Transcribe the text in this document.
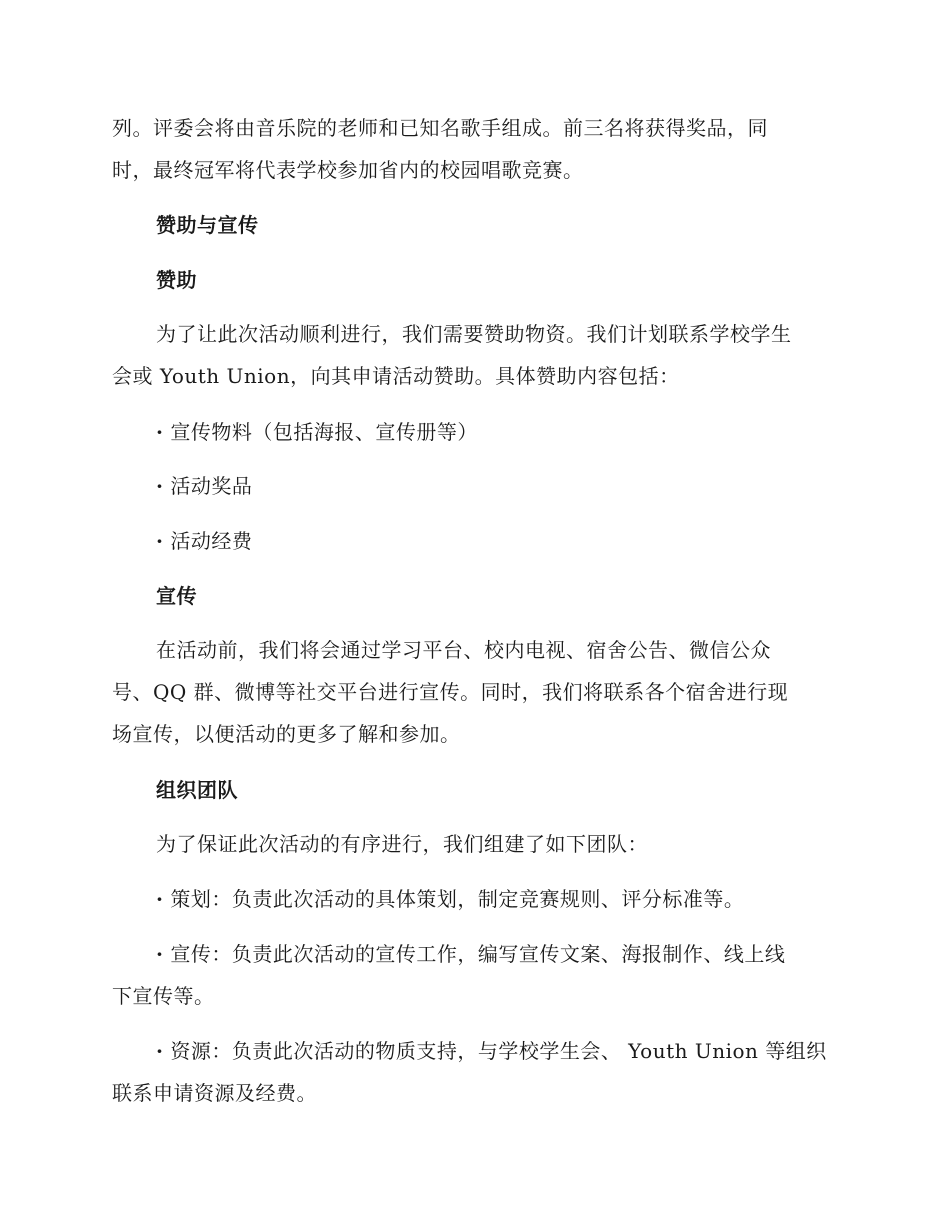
列。评委会将由音乐院的老师和已知名歌手组成。前三名将获得奖品，同
时，最终冠军将代表学校参加省内的校园唱歌竞赛。
赞助与宣传
赞助
为了让此次活动顺利进行，我们需要赞助物资。我们计划联系学校学生
会或 Youth Union，向其申请活动赞助。具体赞助内容包括：
· 宣传物料（包括海报、宣传册等）
· 活动奖品
· 活动经费
宣传
在活动前，我们将会通过学习平台、校内电视、宿舍公告、微信公众
号、QQ 群、微博等社交平台进行宣传。同时，我们将联系各个宿舍进行现
场宣传，以便活动的更多了解和参加。
组织团队
为了保证此次活动的有序进行，我们组建了如下团队：
· 策划：负责此次活动的具体策划，制定竞赛规则、评分标准等。
· 宣传：负责此次活动的宣传工作，编写宣传文案、海报制作、线上线
下宣传等。
· 资源：负责此次活动的物质支持，与学校学生会、 Youth Union 等组织
联系申请资源及经费。
